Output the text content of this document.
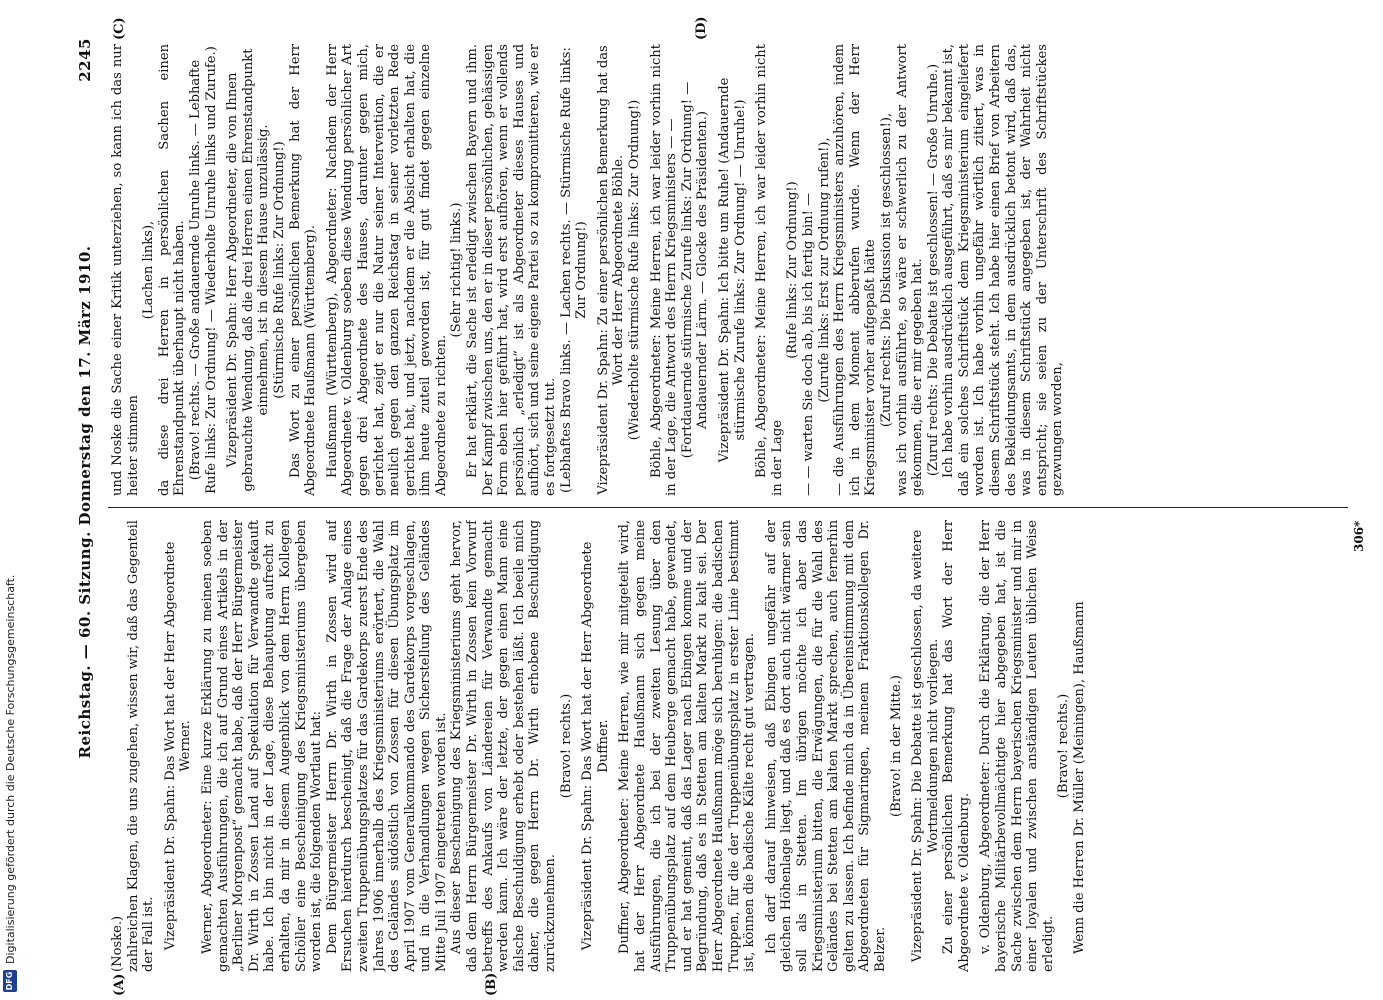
DFG
Digitalisierung gefördert durch die Deutsche Forschungsgemeinschaft.
Reichstag. — 60. Sitzung. Donnerstag den 17. März 1910.
2245
(A)	(B)
(C)	(D)

(Noske.) zahlreichen Klagen, die uns zugehen, wissen wir, daß das Gegenteil der Fall ist. Vizepräsident Dr. Spahn: Das Wort hat der Herr Abgeordnete Werner. Werner, Abgeordneter: Eine kurze Erklärung zu meinen soeben gemachten Ausführungen, die ich auf Grund eines Artikels in der „Berliner Morgenpost“ gemacht habe, daß der Herr Bürgermeister Dr. Wirth in Zossen Land auf Spekulation für Verwandte gekauft habe. Ich bin nicht in der Lage, diese Behauptung aufrecht zu erhalten, da mir in diesem Augenblick von dem Herrn Kollegen Schöller eine Bescheinigung des Kriegsministeriums übergeben worden ist, die folgenden Wortlaut hat: Dem Bürgermeister Herrn Dr. Wirth in Zossen wird auf Ersuchen hierdurch bescheinigt, daß die Frage der Anlage eines zweiten Truppenübungsplatzes für das Gardekorps zuerst Ende des Jahres 1906 innerhalb des Kriegsministeriums erörtert, die Wahl des Geländes südöstlich von Zossen für diesen Übungsplatz im April 1907 vom Generalkommando des Gardekorps vorgeschlagen, und in die Verhandlungen wegen Sicherstellung des Geländes Mitte Juli 1907 eingetreten worden ist. Aus dieser Bescheinigung des Kriegsministeriums geht hervor, daß dem Herrn Bürgermeister Dr. Wirth in Zossen kein Vorwurf betreffs des Ankaufs von Ländereien für Verwandte gemacht werden kann. Ich wäre der letzte, der gegen einen Mann eine falsche Beschuldigung erhebt oder bestehen läßt. Ich beeile mich daher, die gegen Herrn Dr. Wirth erhobene Beschuldigung zurückzunehmen.

(Bravo! rechts.) Vizepräsident Dr. Spahn: Das Wort hat der Herr Abgeordnete Duffner. Duffner, Abgeordneter: Meine Herren, wie mir mitgeteilt wird, hat der Herr Abgeordnete Haußmann sich gegen meine Ausführungen, die ich bei der zweiten Lesung über den Truppenübungsplatz auf dem Heuberge gemacht habe, gewendet, und er hat gemeint, daß das Lager nach Ebingen komme und der Begründung, daß es in Stetten am kalten Markt zu kalt sei. Der Herr Abgeordnete Haußmann möge sich beruhigen: die badischen Truppen, für die der Truppenübungsplatz in erster Linie bestimmt ist, können die badische Kälte recht gut vertragen. Ich darf darauf hinweisen, daß Ebingen ungefähr auf der gleichen Höhenlage liegt, und daß es dort auch nicht wärmer sein soll als in Stetten. Im übrigen möchte ich aber das Kriegsministerium bitten, die Erwägungen, die für die Wahl des Geländes bei Stetten am kalten Markt sprechen, auch fernerhin gelten zu lassen. Ich befinde mich da in Übereinstimmung mit dem Abgeordneten für Sigmaringen, meinem Fraktionskollegen Dr. Belzer.

(Bravo! in der Mitte.) Vizepräsident Dr. Spahn: Die Debatte ist geschlossen, da weitere Wortmeldungen nicht vorliegen. Zu einer persönlichen Bemerkung hat das Wort der Herr Abgeordnete v. Oldenburg. v. Oldenburg, Abgeordneter: Durch die Erklärung, die der Herr bayerische Militärbevollmächtigte hier abgegeben hat, ist die Sache zwischen dem Herrn bayerischen Kriegsminister und mir in einer loyalen und zwischen anständigen Leuten üblichen Weise erledigt.

(Bravo! rechts.) Wenn die Herren Dr. Müller (Meiningen), Haußmann

und Noske die Sache einer Kritik unterziehen, so kann ich das nur heiter stimmen

(Lachen links), da diese drei Herren in persönlichen Sachen einen Ehrenstandpunkt überhaupt nicht haben. (Bravo! rechts. — Große andauernde Unruhe links. — Lebhafte Rufe links: Zur Ordnung! — Wiederholte Unruhe links und Zurufe.) Vizepräsident Dr. Spahn: Herr Abgeordneter, die von Ihnen gebrauchte Wendung, daß die drei Herren einen Ehrenstandpunkt einnehmen, ist in diesem Hause unzulässig. (Stürmische Rufe links: Zur Ordnung!) Das Wort zu einer persönlichen Bemerkung hat der Herr Abgeordnete Haußmann (Württemberg). Haußmann (Württemberg), Abgeordneter: Nachdem der Herr Abgeordnete v. Oldenburg soeben diese Wendung persönlicher Art gegen drei Abgeordnete des Hauses, darunter gegen mich, gerichtet hat, zeigt er nur die Natur seiner Intervention, die er neulich gegen den ganzen Reichstag in seiner vorletzten Rede gerichtet hat, und jetzt, nachdem er die Absicht erhalten hat, die ihm heute zuteil geworden ist, für gut findet gegen einzelne Abgeordnete zu richten.

(Sehr richtig! links.) Er hat erklärt, die Sache ist erledigt zwischen Bayern und ihm. Der Kampf zwischen uns, den er in dieser persönlichen, gehässigen Form eben hier geführt hat, wird erst aufhören, wenn er vollends persönlich „erledigt“ ist als Abgeordneter dieses Hauses und aufhört, sich und seine eigene Partei so zu kompromittieren, wie er es fortgesetzt tut. (Lebhaftes Bravo links. — Lachen rechts. — Stürmische Rufe links: Zur Ordnung!) Vizepräsident Dr. Spahn: Zu einer persönlichen Bemerkung hat das Wort der Herr Abgeordnete Böhle. (Wiederholte stürmische Rufe links: Zur Ordnung!) Böhle, Abgeordneter: Meine Herren, ich war leider vorhin nicht in der Lage, die Antwort des Herrn Kriegsministers — — (Fortdauernde stürmische Zurufe links: Zur Ordnung! — Andauernder Lärm. — Glocke des Präsidenten.) Vizepräsident Dr. Spahn: Ich bitte um Ruhe! (Andauernde stürmische Zurufe links: Zur Ordnung! — Unruhe!) Böhle, Abgeordneter: Meine Herren, ich war leider vorhin nicht in der Lage

(Rufe links: Zur Ordnung!) — — warten Sie doch ab, bis ich fertig bin! — (Zurufe links: Erst zur Ordnung rufen!), — die Ausführungen des Herrn Kriegsministers anzuhören, indem ich in dem Moment abberufen wurde. Wenn der Herr Kriegsminister vorher aufgepaßt hätte (Zuruf rechts: Die Diskussion ist geschlossen!), was ich vorhin ausführte, so wäre er schwerlich zu der Antwort gekommen, die er mir gegeben hat. (Zuruf rechts: Die Debatte ist geschlossen! — Große Unruhe.) Ich habe vorhin ausdrücklich ausgeführt, daß es mir bekannt ist, daß ein solches Schriftstück dem Kriegsministerium eingeliefert worden ist. Ich habe vorhin ungefähr wörtlich zitiert, was in diesem Schriftstück steht. Ich habe hier einen Brief von Arbeitern des Bekleidungsamts, in dem ausdrücklich betont wird, daß das, was in diesem Schriftstück angegeben ist, der Wahrheit nicht entspricht; sie seien zu der Unterschrift des Schriftstückes gezwungen worden,

306*
